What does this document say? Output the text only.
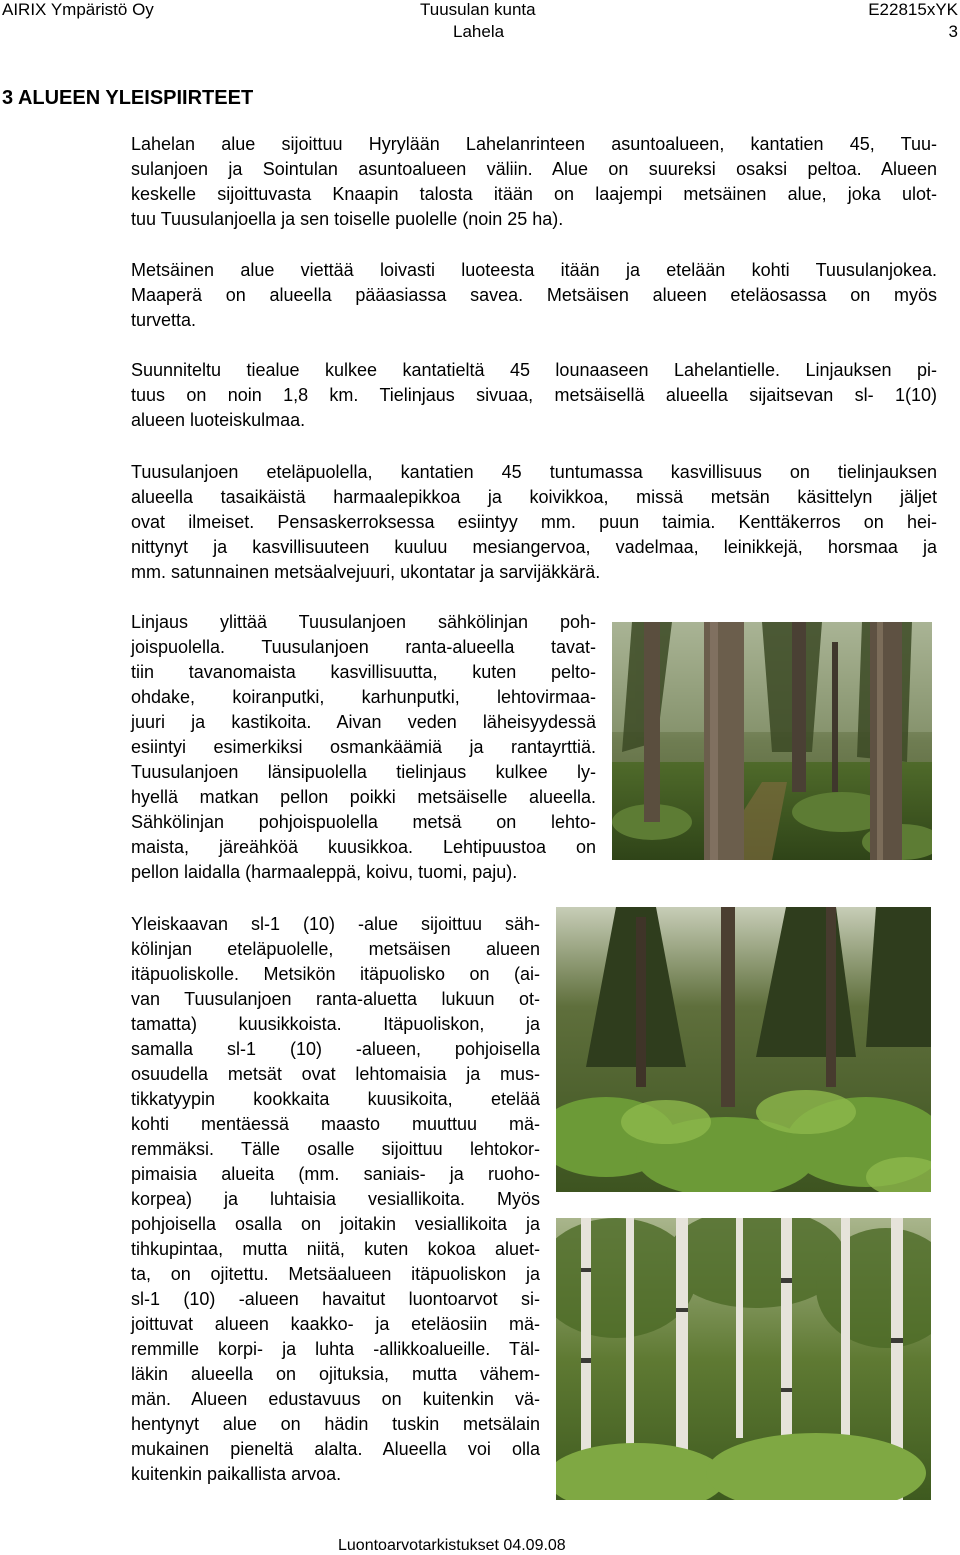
AIRIX Ympäristö Oy	Tuusulan kunta	E22815xYK
Lahela	3
3 ALUEEN YLEISPIIRTEET
Lahelan alue sijoittuu Hyrylään Lahelanrinteen asuntoalueen, kantatien 45, Tuu-
sulanjoen ja Sointulan asuntoalueen väliin. Alue on suureksi osaksi peltoa. Alueen
keskelle sijoittuvasta Knaapin talosta itään on laajempi metsäinen alue, joka ulot-
tuu Tuusulanjoella ja sen toiselle puolelle (noin 25 ha).
Metsäinen alue viettää loivasti luoteesta itään ja etelään kohti Tuusulanjokea.
Maaperä on alueella pääasiassa savea. Metsäisen alueen eteläosassa on myös
turvetta.
Suunniteltu tiealue kulkee kantatieltä 45 lounaaseen Lahelantielle. Linjauksen pi-
tuus on noin 1,8 km. Tielinjaus sivuaa, metsäisellä alueella sijaitsevan sl- 1(10)
alueen luoteiskulmaa.
Tuusulanjoen eteläpuolella, kantatien 45 tuntumassa kasvillisuus on tielinjauksen
alueella tasaikäistä harmaalepikkoa ja koivikkoa, missä metsän käsittelyn jäljet
ovat ilmeiset. Pensaskerroksessa esiintyy mm. puun taimia. Kenttäkerros on hei-
nittynyt ja kasvillisuuteen kuuluu mesiangervoa, vadelmaa, leinikkejä, horsmaa ja
mm. satunnainen metsäalvejuuri, ukontatar ja sarvijäkkärä.
Linjaus ylittää Tuusulanjoen sähkölinjan poh-
joispuolella. Tuusulanjoen ranta-alueella tavat-
tiin tavanomaista kasvillisuutta, kuten pelto-
ohdake, koiranputki, karhunputki, lehtovirmaa-
juuri ja kastikoita. Aivan veden läheisyydessä
esiintyi esimerkiksi osmankäämiä ja rantayrttiä.
Tuusulanjoen länsipuolella tielinjaus kulkee ly-
hyellä matkan pellon poikki metsäiselle alueella.
Sähkölinjan pohjoispuolella metsä on lehto-
maista, järeähköä kuusikkoa. Lehtipuustoa on
pellon laidalla (harmaaleppä, koivu, tuomi, paju).
Yleiskaavan sl-1 (10) -alue sijoittuu säh-
kölinjan eteläpuolelle, metsäisen alueen
itäpuoliskolle. Metsikön itäpuolisko on (ai-
van Tuusulanjoen ranta-aluetta lukuun ot-
tamatta) kuusikkoista. Itäpuoliskon, ja
samalla sl-1 (10) -alueen, pohjoisella
osuudella metsät ovat lehtomaisia ja mus-
tikkatyypin kookkaita kuusikoita, etelää
kohti mentäessä maasto muuttuu mä-
remmäksi. Tälle osalle sijoittuu lehtokor-
pimaisia alueita (mm. saniais- ja ruoho-
korpea) ja luhtaisia vesiallikoita. Myös
pohjoisella osalla on joitakin vesiallikoita ja
tihkupintaa, mutta niitä, kuten kokoa aluet-
ta, on ojitettu. Metsäalueen itäpuoliskon ja
sl-1 (10) -alueen havaitut luontoarvot si-
joittuvat alueen kaakko- ja eteläosiin mä-
remmille korpi- ja luhta -allikkoalueille. Täl-
läkin alueella on ojituksia, mutta vähem-
män. Alueen edustavuus on kuitenkin vä-
hentynyt alue on hädin tuskin metsälain
mukainen pieneltä alalta. Alueella voi olla
kuitenkin paikallista arvoa.
Luontoarvotarkistukset 04.09.08
